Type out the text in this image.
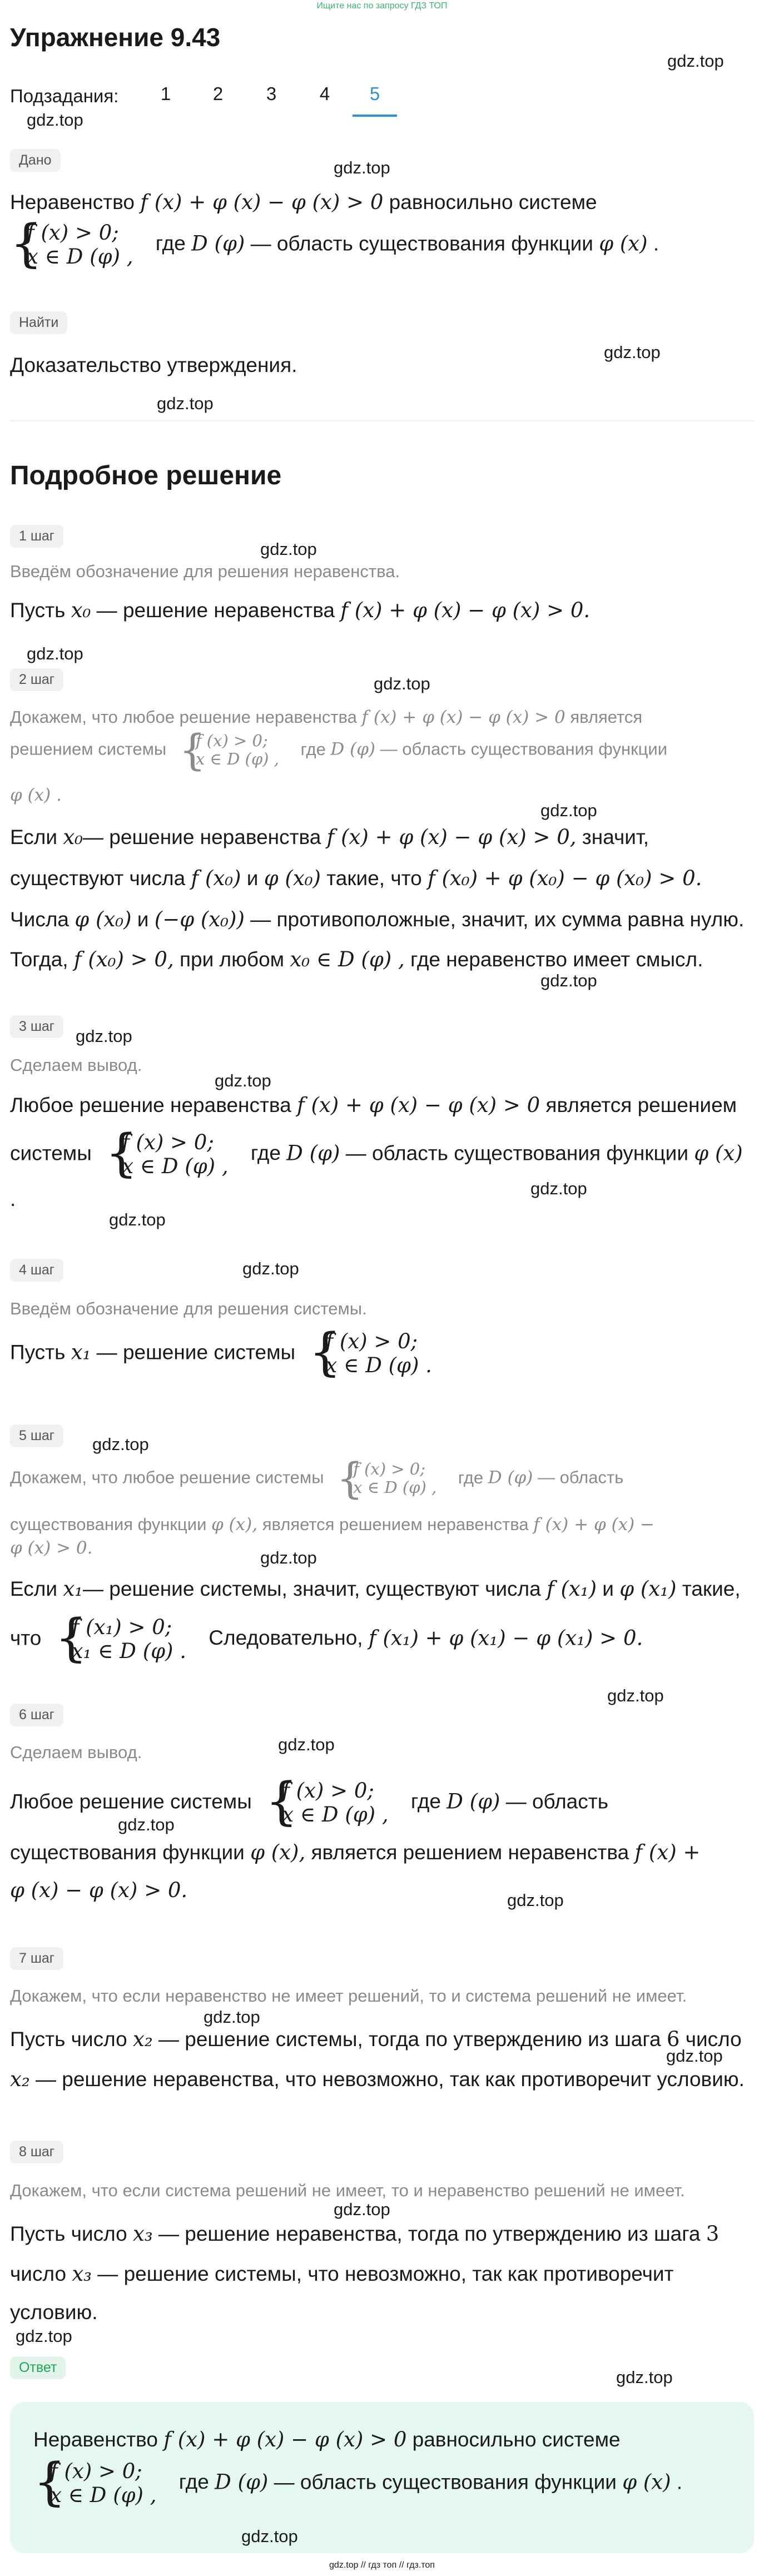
Ищите нас по запросу ГДЗ ТОП
Упражнение 9.43
gdz.top
Подзадания:	1	2	3	4	5
gdz.top
Дано	gdz.top
Неравенство f (x) + φ (x) − φ (x) > 0 равносильно системе
{
f (x) > 0;
x ∈ D (φ) ,
где D (φ) — область существования функции φ (x) .
Найти
gdz.top
Доказательство утверждения.
gdz.top
Подробное решение
1 шаг
gdz.top
Введём обозначение для решения неравенства.
Пусть x₀ — решение неравенства f (x) + φ (x) − φ (x) > 0.
gdz.top
2 шаг	gdz.top
Докажем, что любое решение неравенства f (x) + φ (x) − φ (x) > 0 является
решением системы {
f (x) > 0;
x ∈ D (φ) ,
где D (φ) — область существования функции
φ (x) .
gdz.top
Если x₀— решение неравенства f (x) + φ (x) − φ (x) > 0, значит,
существуют числа f (x₀) и φ (x₀) такие, что f (x₀) + φ (x₀) − φ (x₀) > 0.
Числа φ (x₀) и (−φ (x₀)) — противоположные, значит, их сумма равна нулю.
Тогда, f (x₀) > 0, при любом x₀ ∈ D (φ) , где неравенство имеет смысл.
gdz.top
3 шаг	gdz.top
Сделаем вывод.
gdz.top
Любое решение неравенства f (x) + φ (x) − φ (x) > 0 является решением
системы {
f (x) > 0;
x ∈ D (φ) ,
где D (φ) — область существования функции φ (x)
gdz.top
.
gdz.top
4 шаг	gdz.top
Введём обозначение для решения системы.
Пусть x₁ — решение системы {
f (x) > 0;
x ∈ D (φ) .
5 шаг	gdz.top
Докажем, что любое решение системы {
f (x) > 0;
x ∈ D (φ) ,
где D (φ) — область
существования функции φ (x), является решением неравенства f (x) + φ (x) −
φ (x) > 0.	gdz.top
Если x₁— решение системы, значит, существуют числа f (x₁) и φ (x₁) такие,
что {
f (x₁) > 0;
x₁ ∈ D (φ) .
Следовательно, f (x₁) + φ (x₁) − φ (x₁) > 0.
gdz.top
6 шаг
gdz.top
Сделаем вывод.
Любое решение системы {
f (x) > 0;
x ∈ D (φ) ,
где D (φ) — область
gdz.top
существования функции φ (x), является решением неравенства f (x) +
φ (x) − φ (x) > 0.	gdz.top
7 шаг
Докажем, что если неравенство не имеет решений, то и система решений не имеет.
gdz.top
Пусть число x₂ — решение системы, тогда по утверждению из шага 6 число
gdz.top
x₂ — решение неравенства, что невозможно, так как противоречит условию.
8 шаг
Докажем, что если система решений не имеет, то и неравенство решений не имеет.
gdz.top
Пусть число x₃ — решение неравенства, тогда по утверждению из шага 3
число x₃ — решение системы, что невозможно, так как противоречит
условию.
gdz.top
Ответ	gdz.top
Неравенство f (x) + φ (x) − φ (x) > 0 равносильно системе
{
f (x) > 0;
x ∈ D (φ) ,
где D (φ) — область существования функции φ (x) .
gdz.top
gdz.top // гдз топ // гдз.топ
